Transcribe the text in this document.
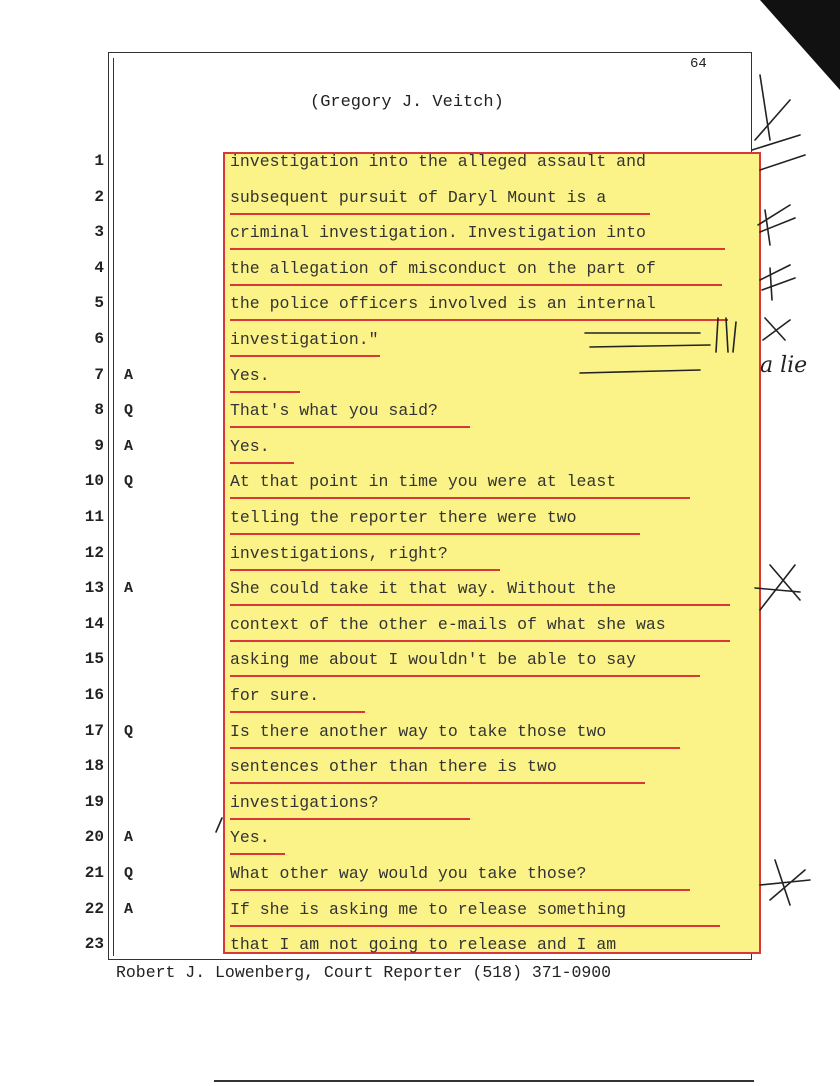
64
(Gregory J. Veitch)
1	investigation into the alleged assault and
2	subsequent pursuit of Daryl Mount is a
3	criminal investigation. Investigation into
4	the allegation of misconduct on the part of
5	the police officers involved is an internal
6	investigation."
7 A	Yes.
8 Q	That's what you said?
9 A	Yes.
10 Q	At that point in time you were at least
11	telling the reporter there were two
12	investigations, right?
13 A	She could take it that way. Without the
14	context of the other e-mails of what she was
15	asking me about I wouldn't be able to say
16	for sure.
17 Q	Is there another way to take those two
18	sentences other than there is two
19	investigations?
20 A	Yes.
21 Q	What other way would you take those?
22 A	If she is asking me to release something
23	that I am not going to release and I am
a lie
Robert J. Lowenberg, Court Reporter (518) 371-0900
